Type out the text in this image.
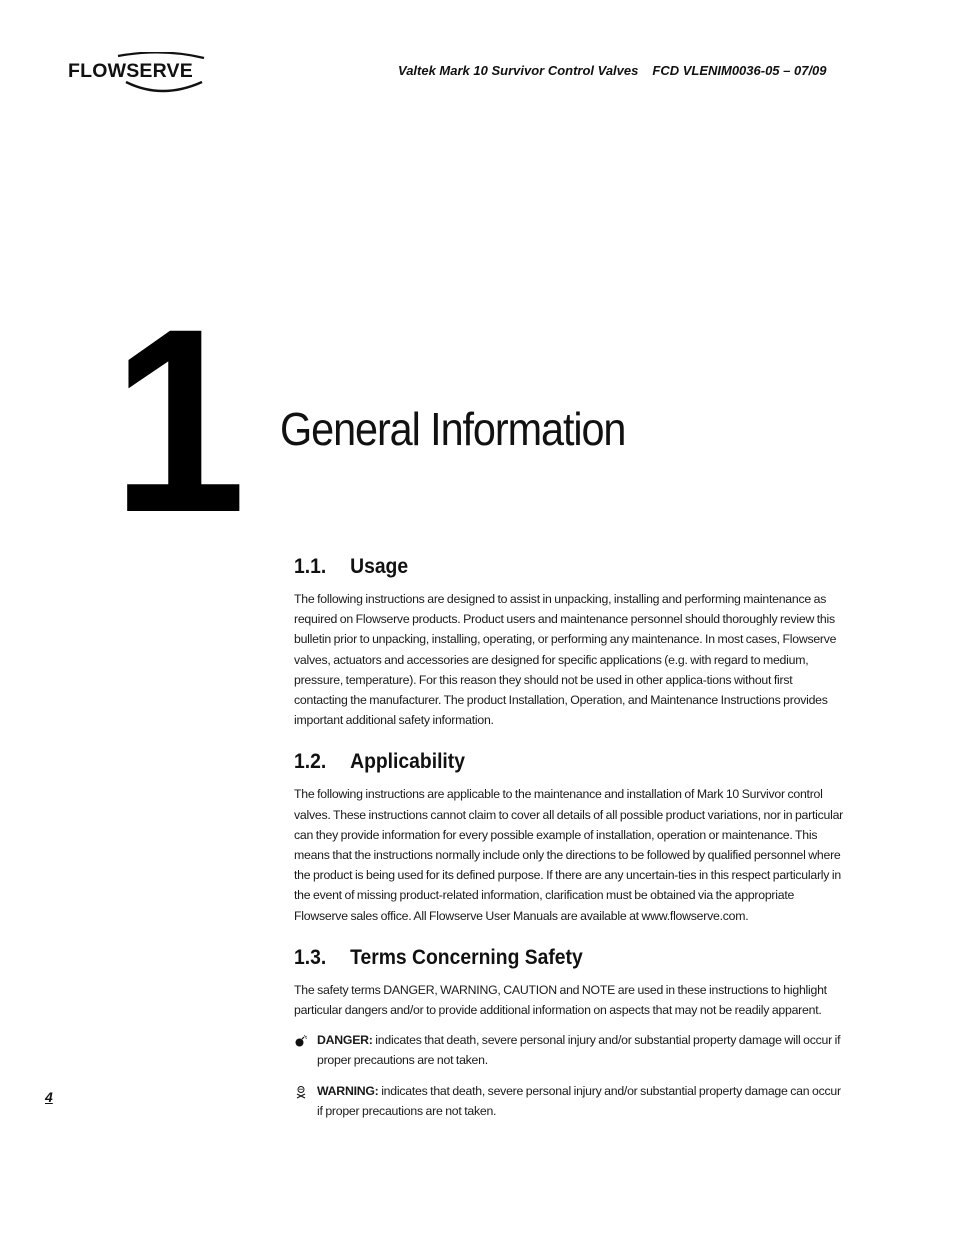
FLOWSERVE	Valtek Mark 10 Survivor Control Valves FCD VLENIM0036-05 – 07/09
1 General Information
1.1. Usage

The following instructions are designed to assist in unpacking, installing and performing maintenance as required on Flowserve products. Product users and maintenance personnel should thoroughly review this bulletin prior to unpacking, installing, operating, or performing any maintenance. In most cases, Flowserve valves, actuators and accessories are designed for specific applications (e.g. with regard to medium, pressure, temperature). For this reason they should not be used in other applica-tions without first contacting the manufacturer. The product Installation, Operation, and Maintenance Instructions provides important additional safety information.

1.2. Applicability

The following instructions are applicable to the maintenance and installation of Mark 10 Survivor control valves. These instructions cannot claim to cover all details of all possible product variations, nor in particular can they provide information for every possible example of installation, operation or maintenance. This means that the instructions normally include only the directions to be followed by qualified personnel where the product is being used for its defined purpose. If there are any uncertain-ties in this respect particularly in the event of missing product-related information, clarification must be obtained via the appropriate Flowserve sales office. All Flowserve User Manuals are available at www.flowserve.com.

1.3. Terms Concerning Safety

The safety terms DANGER, WARNING, CAUTION and NOTE are used in these instructions to highlight particular dangers and/or to provide additional information on aspects that may not be readily apparent.

DANGER: indicates that death, severe personal injury and/or substantial property damage will occur if proper precautions are not taken.

WARNING: indicates that death, severe personal injury and/or substantial property damage can occur if proper precautions are not taken.

4
